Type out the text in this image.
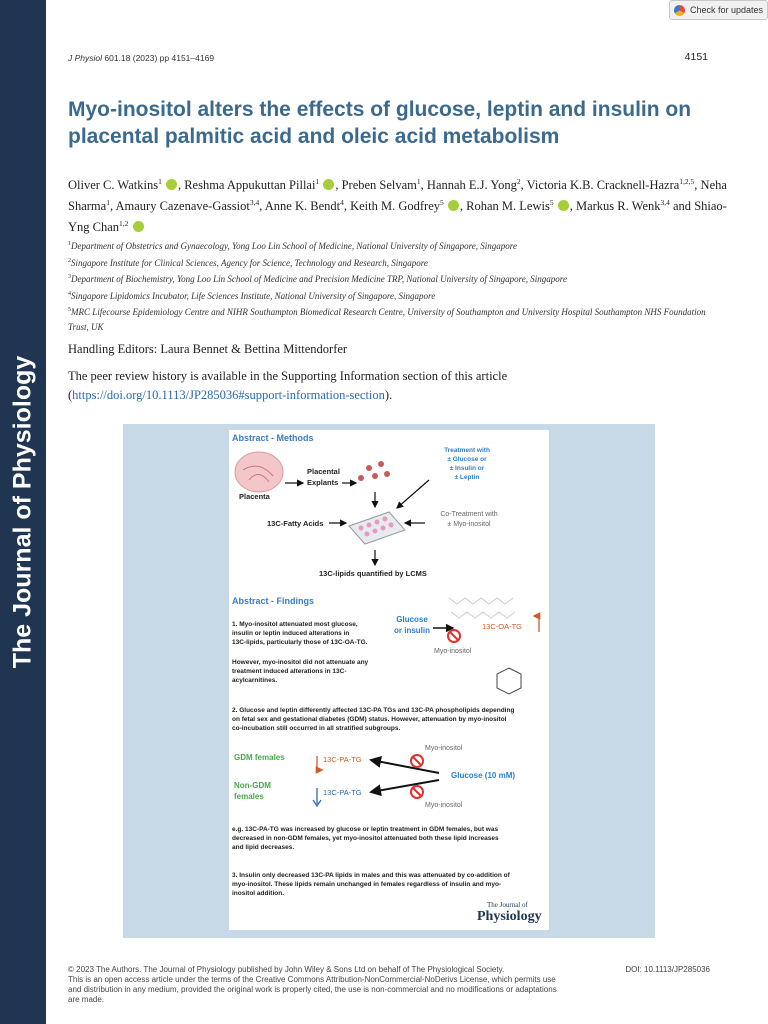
The Journal of Physiology
Check for updates
J Physiol 601.18 (2023) pp 4151–4169	4151
Myo-inositol alters the effects of glucose, leptin and insulin on placental palmitic acid and oleic acid metabolism
Oliver C. Watkins$^1$ , Reshma Appukuttan Pillai$^1$ , Preben Selvam$^1$, Hannah E.J. Yong$^2$, Victoria K.B. Cracknell-Hazra$^{1,2,5}$, Neha Sharma$^1$, Amaury Cazenave-Gassiot$^{3,4}$, Anne K. Bendt$^4$, Keith M. Godfrey$^5$ , Rohan M. Lewis$^5$ , Markus R. Wenk$^{3,4}$ and Shiao-Yng Chan$^{1,2}$
$^1$Department of Obstetrics and Gynaecology, Yong Loo Lin School of Medicine, National University of Singapore, Singapore
$^2$Singapore Institute for Clinical Sciences, Agency for Science, Technology and Research, Singapore
$^3$Department of Biochemistry, Yong Loo Lin School of Medicine and Precision Medicine TRP, National University of Singapore, Singapore
$^4$Singapore Lipidomics Incubator, Life Sciences Institute, National University of Singapore, Singapore
$^5$MRC Lifecourse Epidemiology Centre and NIHR Southampton Biomedical Research Centre, University of Southampton and University Hospital Southampton NHS Foundation Trust, UK
Handling Editors: Laura Bennet & Bettina Mittendorfer
The peer review history is available in the Supporting Information section of this article
(https://doi.org/10.1113/JP285036#support-information-section).
Abstract - Methods
Placental Explants
Placenta
Treatment with
± Glucose or
± Insulin or
± Leptin
13C-Fatty Acids
Co-Treatment with
± Myo-inositol
13C-lipids quantified by LCMS
Abstract - Findings
1. Myo-inositol attenuated most glucose,
insulin or leptin induced alterations in
13C-lipids, particularly those of 13C-OA-TG.
However, myo-inositol did not attenuate any
treatment induced alterations in 13C-
acylcarnitines.
Glucose
or insulin	13C-OA-TG
Myo-inositol
2. Glucose and leptin differently affected 13C-PA TGs and 13C-PA phospholipids depending
on fetal sex and gestational diabetes (GDM) status. However, attenuation by myo-inositol
co-incubation still occurred in all stratified subgroups.
GDM females	13C-PA-TG
Non-GDM
females	13C-PA-TG
Glucose (10 mM)
Myo-inositol
Myo-inositol
e.g. 13C-PA-TG was increased by glucose or leptin treatment in GDM females, but was
decreased in non-GDM females, yet myo-inositol attenuated both these lipid increases
and lipid decreases.
3. Insulin only decreased 13C-PA lipids in males and this was attenuated by co-addition of
myo-inositol. These lipids remain unchanged in females regardless of insulin and myo-
inositol addition.
The Journal of
Physiology
© 2023 The Authors. The Journal of Physiology published by John Wiley & Sons Ltd on behalf of The Physiological Society.
This is an open access article under the terms of the Creative Commons Attribution-NonCommercial-NoDerivs License, which permits use and distribution in any medium, provided the original work is properly cited, the use is non-commercial and no modifications or adaptations are made.
DOI: 10.1113/JP285036
